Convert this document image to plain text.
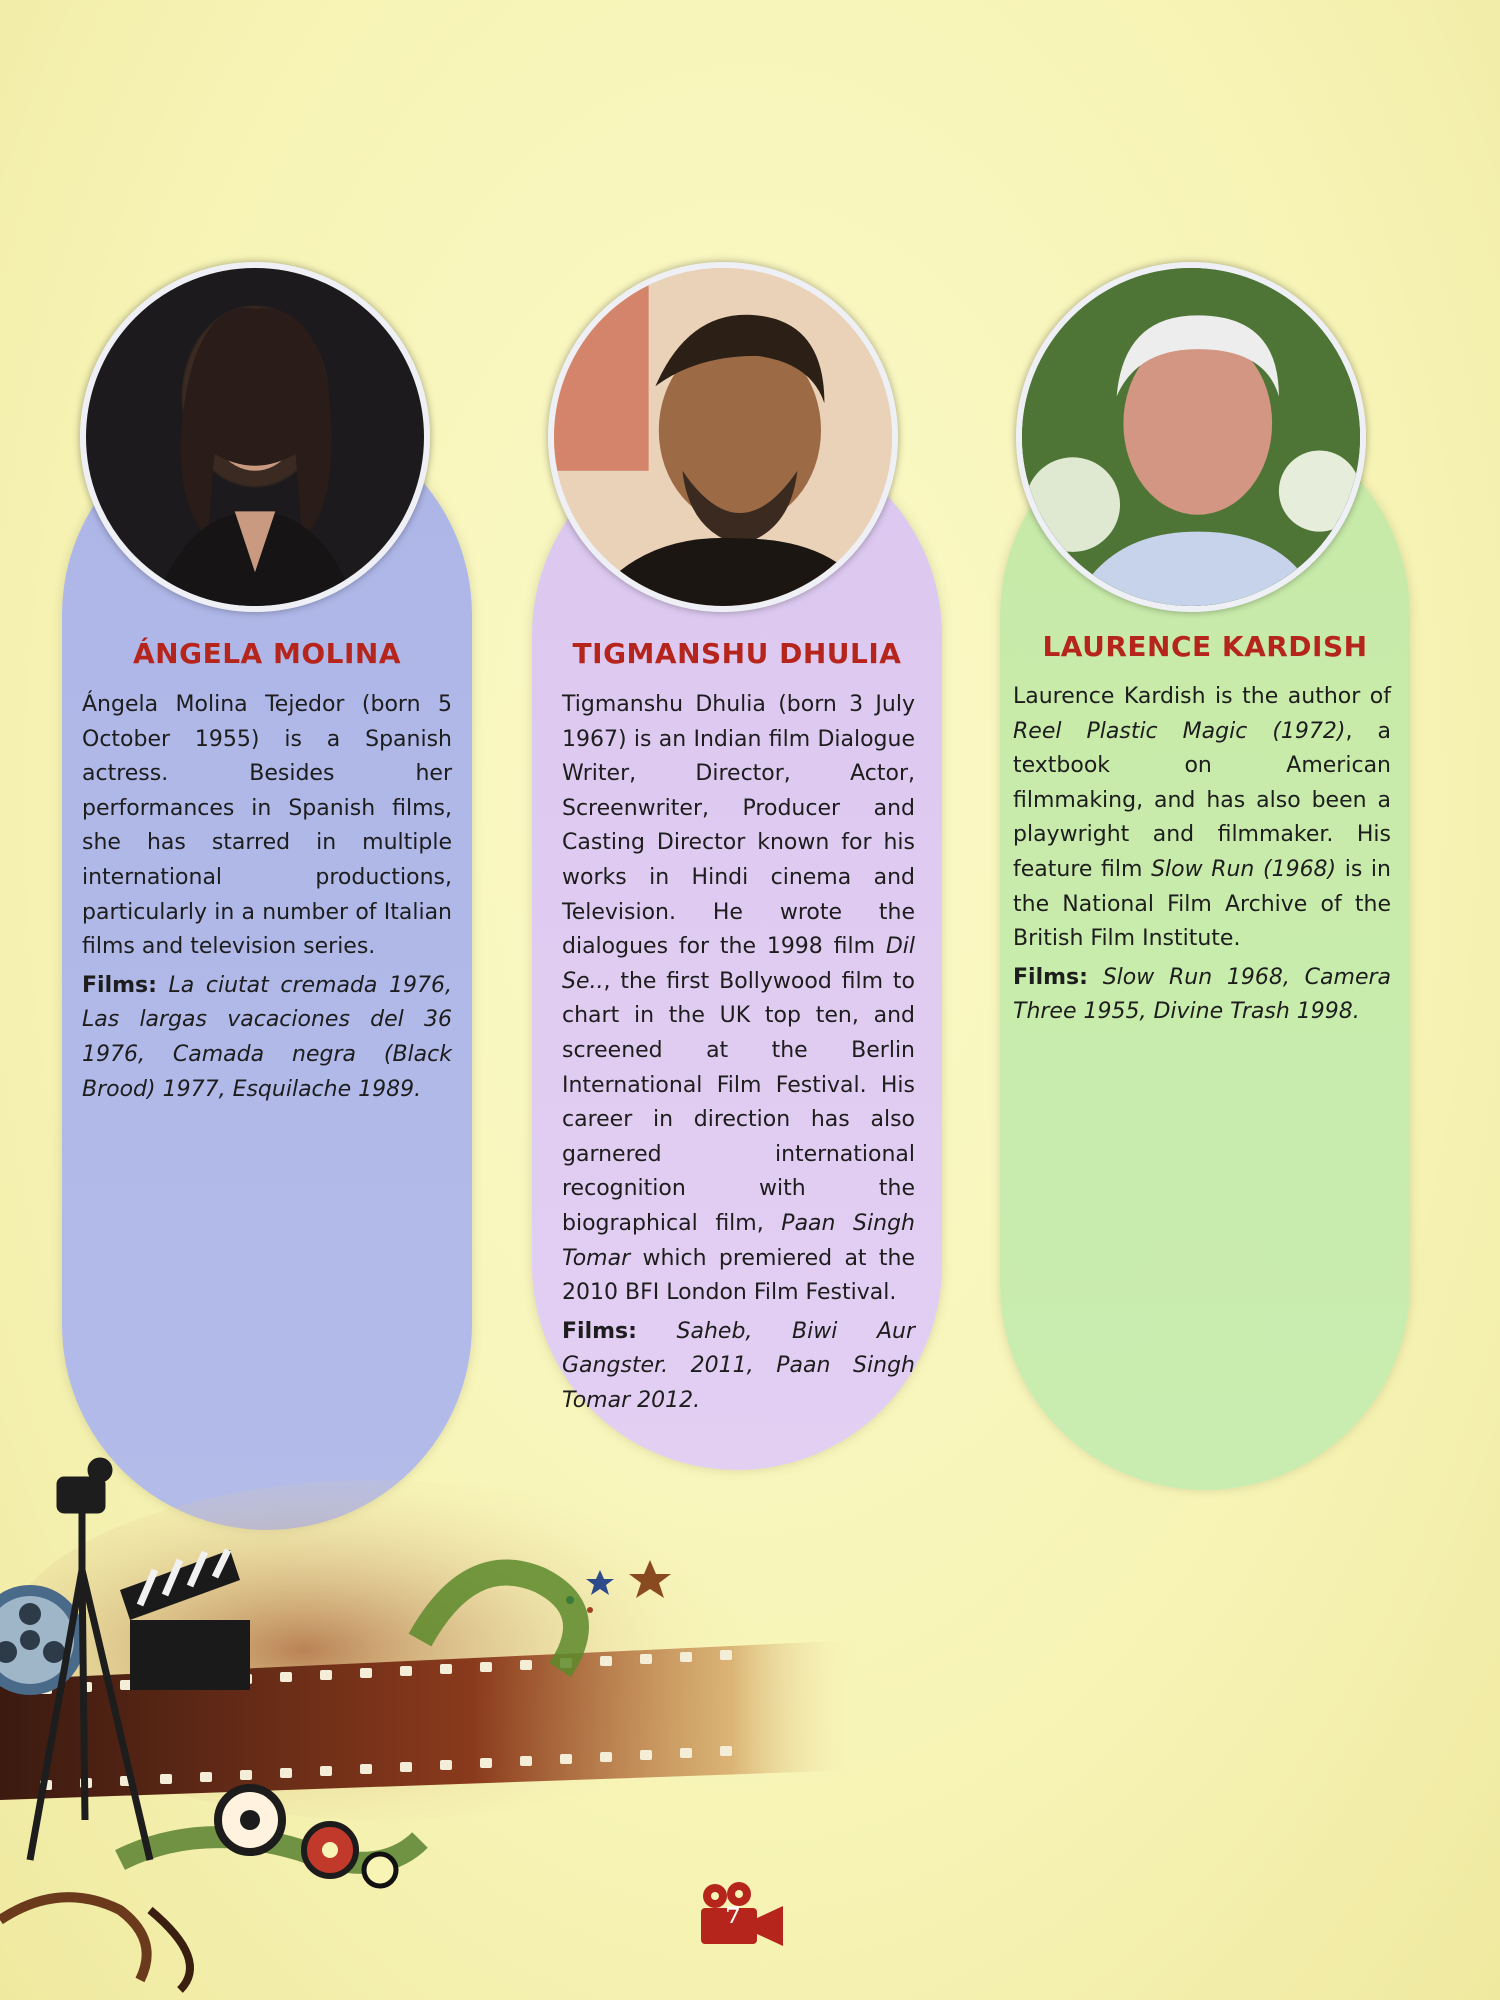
ÁNGELA MOLINA	TIGMANSHU DHULIA	LAURENCE KARDISH

Ángela Molina Tejedor (born 5 October 1955) is a Spanish actress. Besides her performances in Spanish films, she has starred in multiple international productions, particularly in a number of Italian films and television series.

Films: La ciutat cremada 1976, Las largas vacaciones del 36 1976, Camada negra (Black Brood) 1977, Esquilache 1989.

Tigmanshu Dhulia (born 3 July 1967) is an Indian film Dialogue Writer, Director, Actor, Screenwriter, Producer and Casting Director known for his works in Hindi cinema and Television. He wrote the dialogues for the 1998 film Dil Se.., the first Bollywood film to chart in the UK top ten, and screened at the Berlin International Film Festival. His career in direction has also garnered international recognition with the biographical film, Paan Singh Tomar which premiered at the 2010 BFI London Film Festival.

Films: Saheb, Biwi Aur Gangster. 2011, Paan Singh Tomar 2012.

Laurence Kardish is the author of Reel Plastic Magic (1972), a textbook on American filmmaking, and has also been a playwright and filmmaker. His feature film Slow Run (1968) is in the National Film Archive of the British Film Institute.

Films: Slow Run 1968, Camera Three 1955, Divine Trash 1998.

7
